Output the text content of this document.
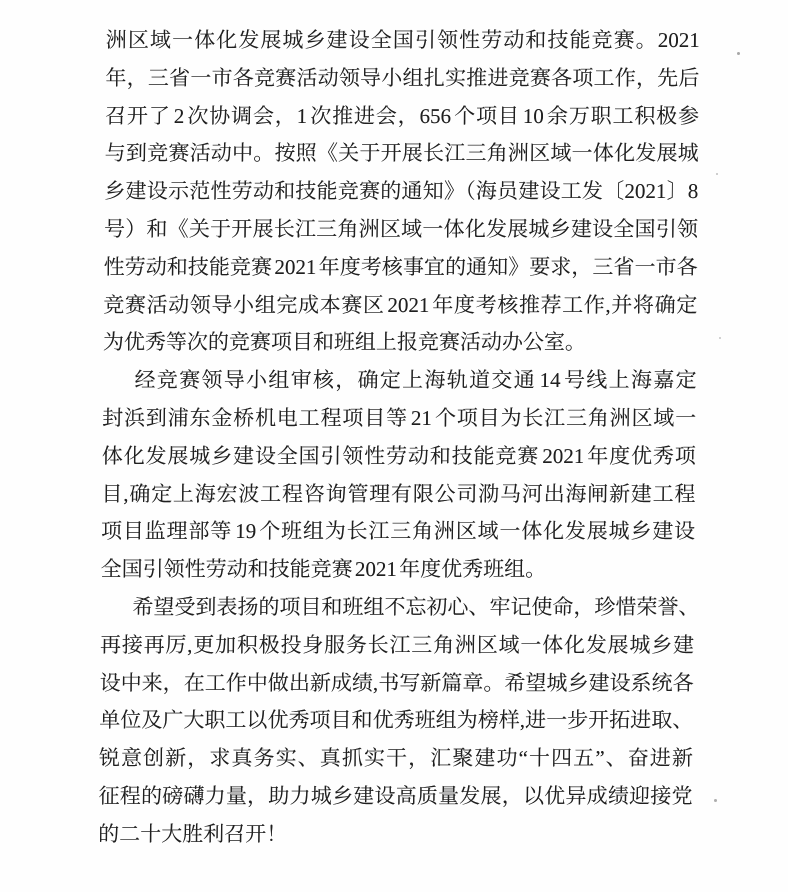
洲区域一体化发展城乡建设全国引领性劳动和技能竞赛。2021
年，三省一市各竞赛活动领导小组扎实推进竞赛各项工作，先后
召开了 2 次协调会，1 次推进会，656 个项目 10 余万职工积极参
与到竞赛活动中。按照《关于开展长江三角洲区域一体化发展城
乡建设示范性劳动和技能竞赛的通知》（海员建设工发〔2021〕8
号）和《关于开展长江三角洲区域一体化发展城乡建设全国引领
性劳动和技能竞赛 2021 年度考核事宜的通知》要求，三省一市各
竞赛活动领导小组完成本赛区 2021 年度考核推荐工作,并将确定
为优秀等次的竞赛项目和班组上报竞赛活动办公室。
经竞赛领导小组审核，确定上海轨道交通 14 号线上海嘉定
封浜到浦东金桥机电工程项目等 21 个项目为长江三角洲区域一
体化发展城乡建设全国引领性劳动和技能竞赛 2021 年度优秀项
目,确定上海宏波工程咨询管理有限公司泐马河出海闸新建工程
项目监理部等 19 个班组为长江三角洲区域一体化发展城乡建设
全国引领性劳动和技能竞赛 2021 年度优秀班组。
希望受到表扬的项目和班组不忘初心、牢记使命，珍惜荣誉、
再接再厉,更加积极投身服务长江三角洲区域一体化发展城乡建
设中来，在工作中做出新成绩,书写新篇章。希望城乡建设系统各
单位及广大职工以优秀项目和优秀班组为榜样,进一步开拓进取、
锐意创新，求真务实、真抓实干，汇聚建功“十四五”、奋进新
征程的磅礴力量，助力城乡建设高质量发展，以优异成绩迎接党
的二十大胜利召开！
